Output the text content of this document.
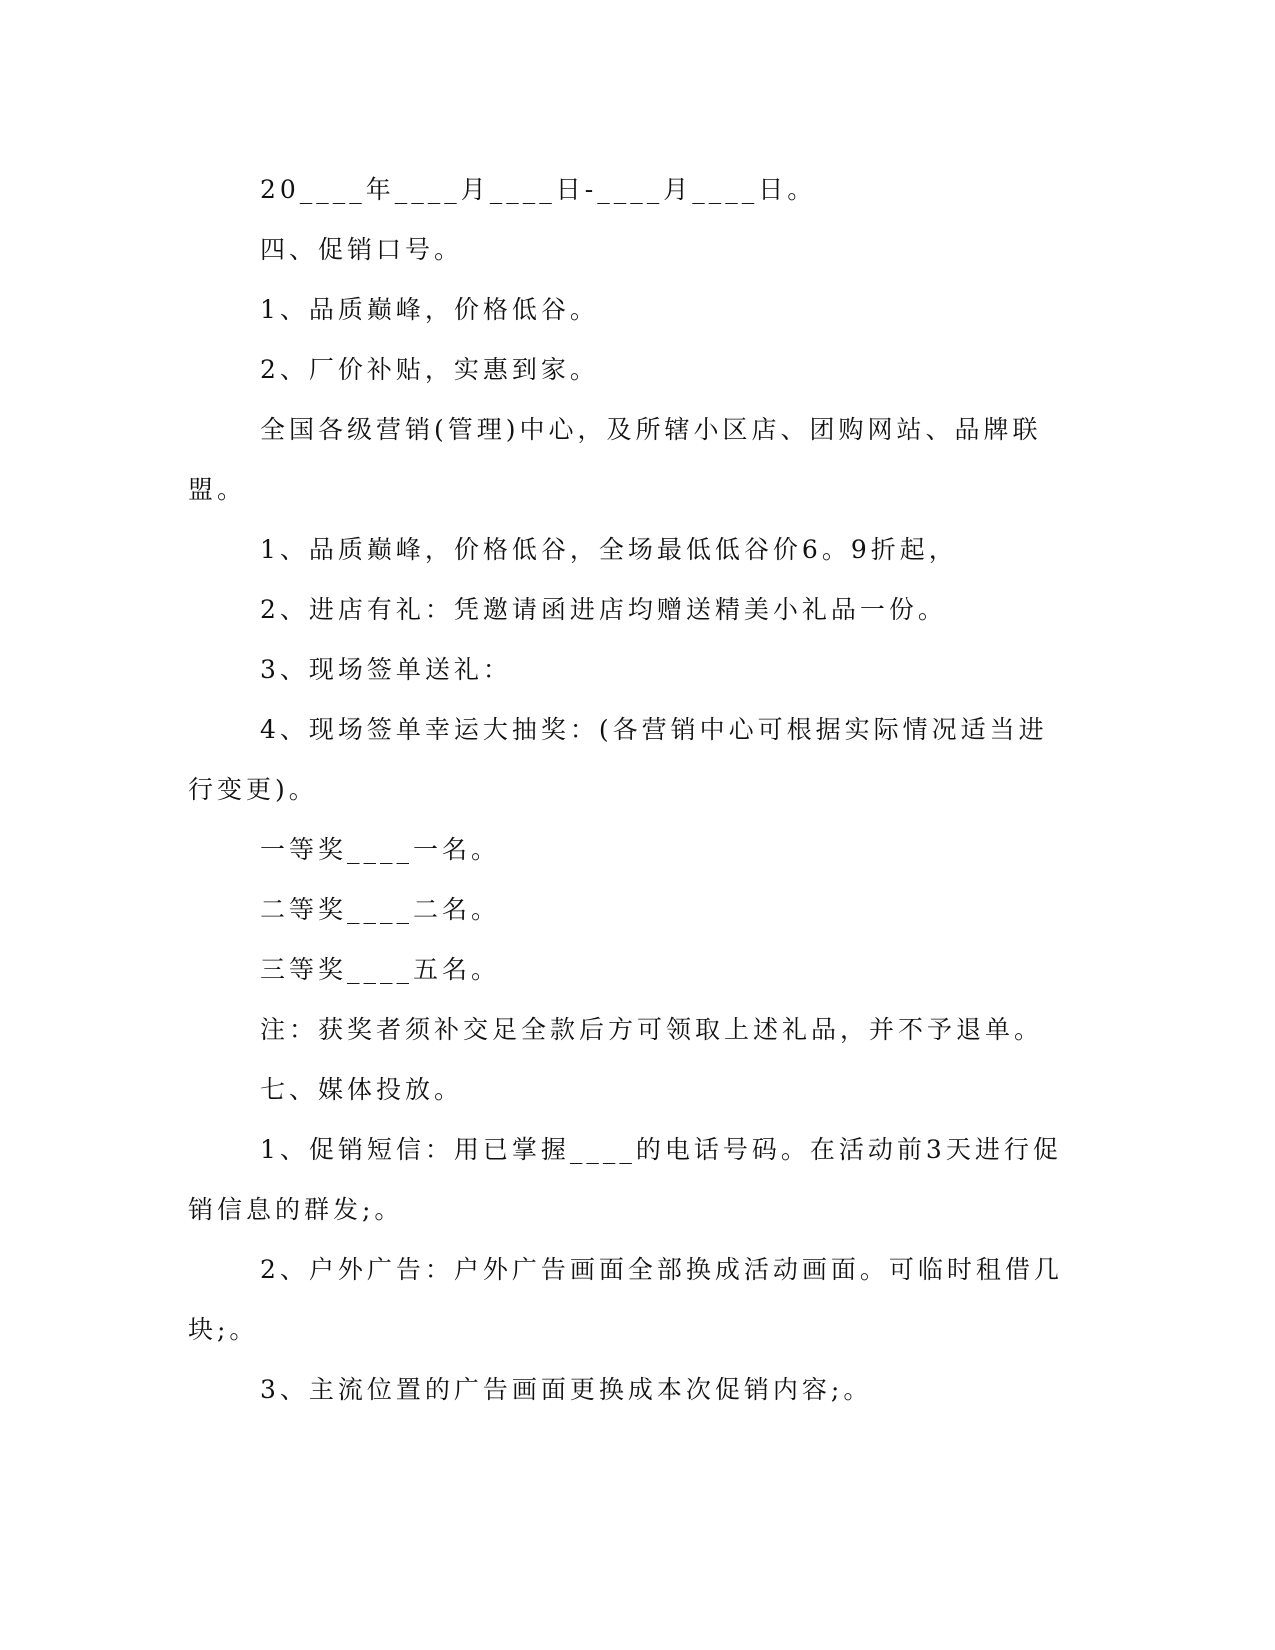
20____年____月____日-____月____日。

四、促销口号。

1、品质巅峰，价格低谷。

2、厂价补贴，实惠到家。

全国各级营销(管理)中心，及所辖小区店、团购网站、品牌联盟。

1、品质巅峰，价格低谷，全场最低低谷价6。9折起，

2、进店有礼：凭邀请函进店均赠送精美小礼品一份。

3、现场签单送礼：

4、现场签单幸运大抽奖：(各营销中心可根据实际情况适当进行变更)。

一等奖____一名。

二等奖____二名。

三等奖____五名。

注：获奖者须补交足全款后方可领取上述礼品，并不予退单。

七、媒体投放。

1、促销短信：用已掌握____的电话号码。在活动前3天进行促销信息的群发;。

2、户外广告：户外广告画面全部换成活动画面。可临时租借几块;。

3、主流位置的广告画面更换成本次促销内容;。
